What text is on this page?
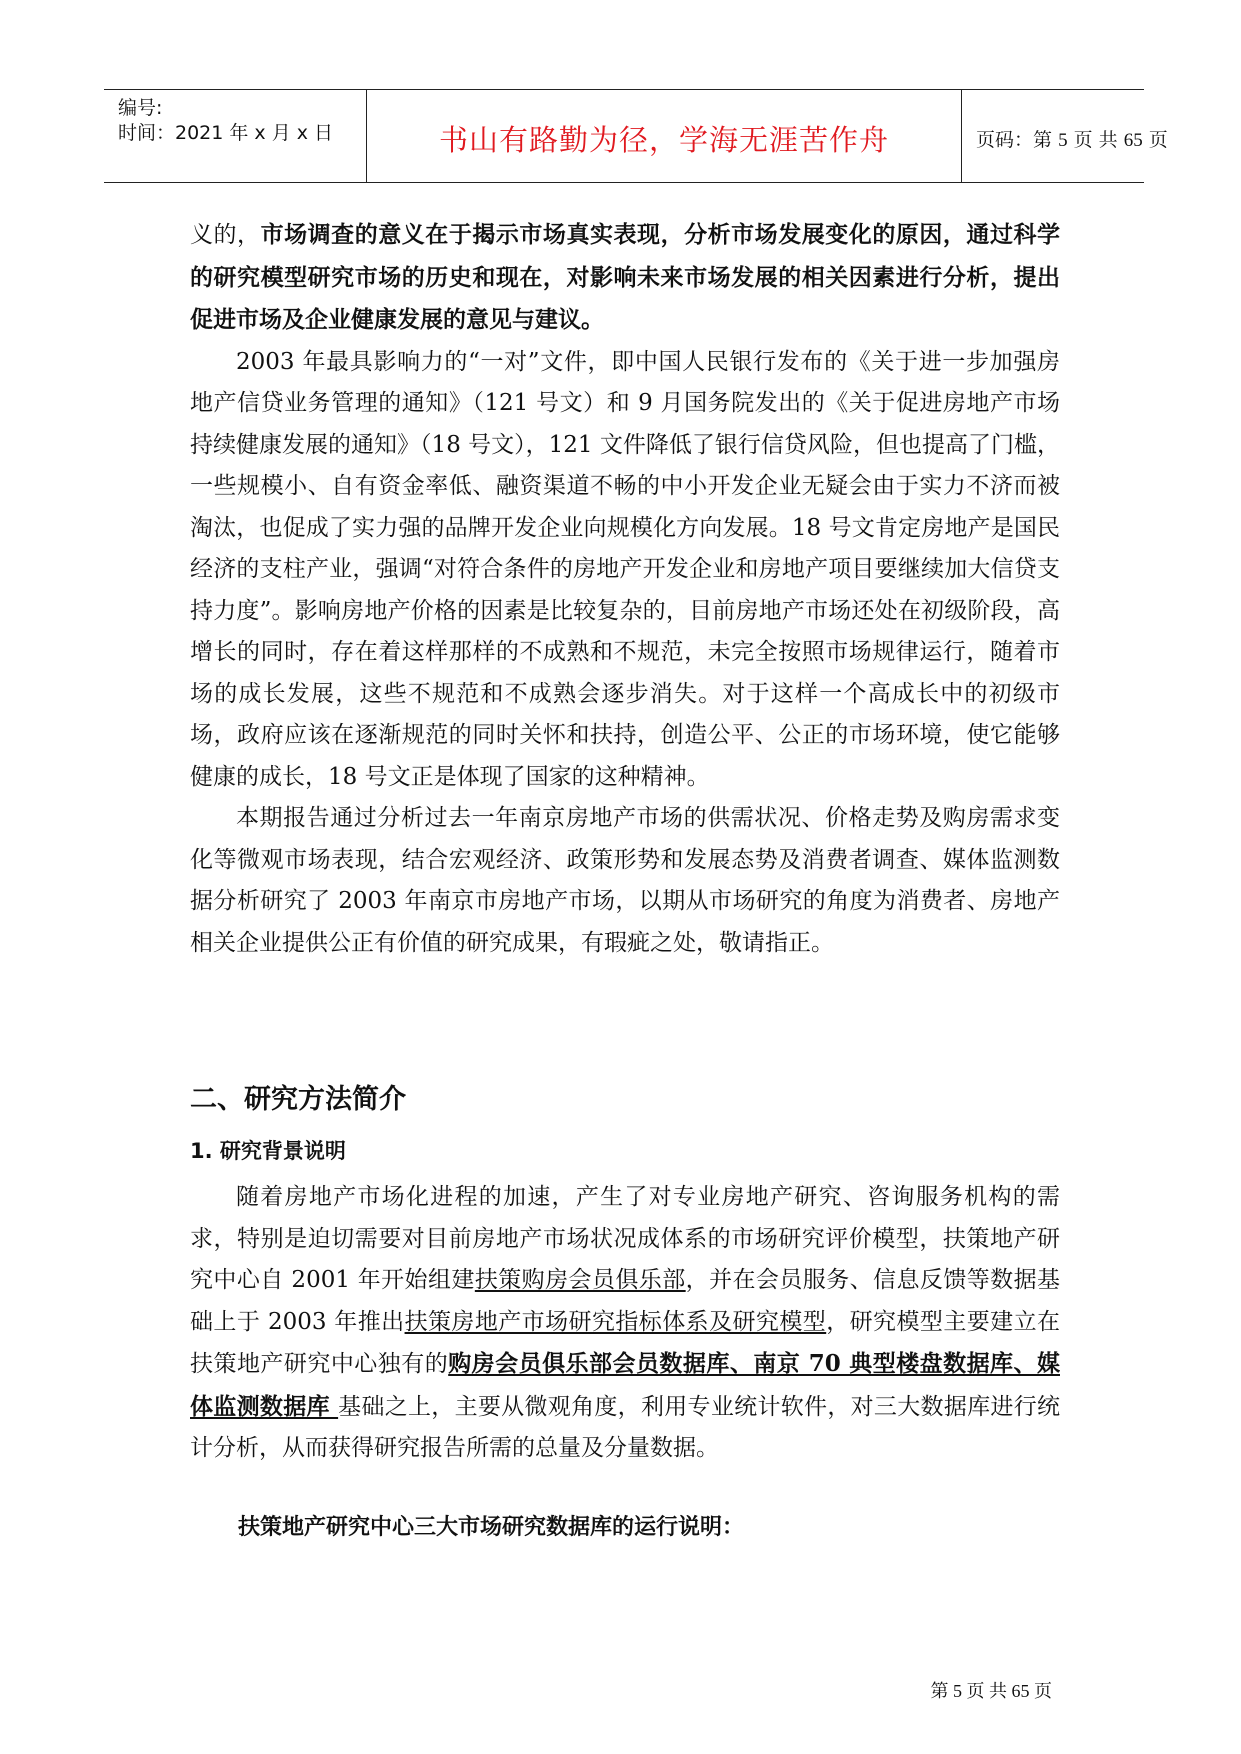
编号:
时间：2021 年 x 月 x 日	书山有路勤为径，学海无涯苦作舟	页码：第 5 页 共 65 页

义的，市场调查的意义在于揭示市场真实表现，分析市场发展变化的原因，通过科学的研究模型研究市场的历史和现在，对影响未来市场发展的相关因素进行分析，提出促进市场及企业健康发展的意见与建议。

2003 年最具影响力的“一对”文件，即中国人民银行发布的《关于进一步加强房地产信贷业务管理的通知》（121 号文）和 9 月国务院发出的《关于促进房地产市场持续健康发展的通知》（18 号文），121 文件降低了银行信贷风险，但也提高了门槛，一些规模小、自有资金率低、融资渠道不畅的中小开发企业无疑会由于实力不济而被淘汰，也促成了实力强的品牌开发企业向规模化方向发展。18 号文肯定房地产是国民经济的支柱产业，强调“对符合条件的房地产开发企业和房地产项目要继续加大信贷支持力度”。影响房地产价格的因素是比较复杂的，目前房地产市场还处在初级阶段，高增长的同时，存在着这样那样的不成熟和不规范，未完全按照市场规律运行，随着市场的成长发展，这些不规范和不成熟会逐步消失。对于这样一个高成长中的初级市场，政府应该在逐渐规范的同时关怀和扶持，创造公平、公正的市场环境，使它能够健康的成长，18 号文正是体现了国家的这种精神。

本期报告通过分析过去一年南京房地产市场的供需状况、价格走势及购房需求变化等微观市场表现，结合宏观经济、政策形势和发展态势及消费者调查、媒体监测数据分析研究了 2003 年南京市房地产市场，以期从市场研究的角度为消费者、房地产相关企业提供公正有价值的研究成果，有瑕疵之处，敬请指正。

二、研究方法简介
1. 研究背景说明

随着房地产市场化进程的加速，产生了对专业房地产研究、咨询服务机构的需求，特别是迫切需要对目前房地产市场状况成体系的市场研究评价模型，扶策地产研究中心自 2001 年开始组建扶策购房会员俱乐部，并在会员服务、信息反馈等数据基础上于 2003 年推出扶策房地产市场研究指标体系及研究模型，研究模型主要建立在扶策地产研究中心独有的购房会员俱乐部会员数据库、南京 70 典型楼盘数据库、媒体监测数据库 基础之上，主要从微观角度，利用专业统计软件，对三大数据库进行统计分析，从而获得研究报告所需的总量及分量数据。

扶策地产研究中心三大市场研究数据库的运行说明：
第 5 页 共 65 页
